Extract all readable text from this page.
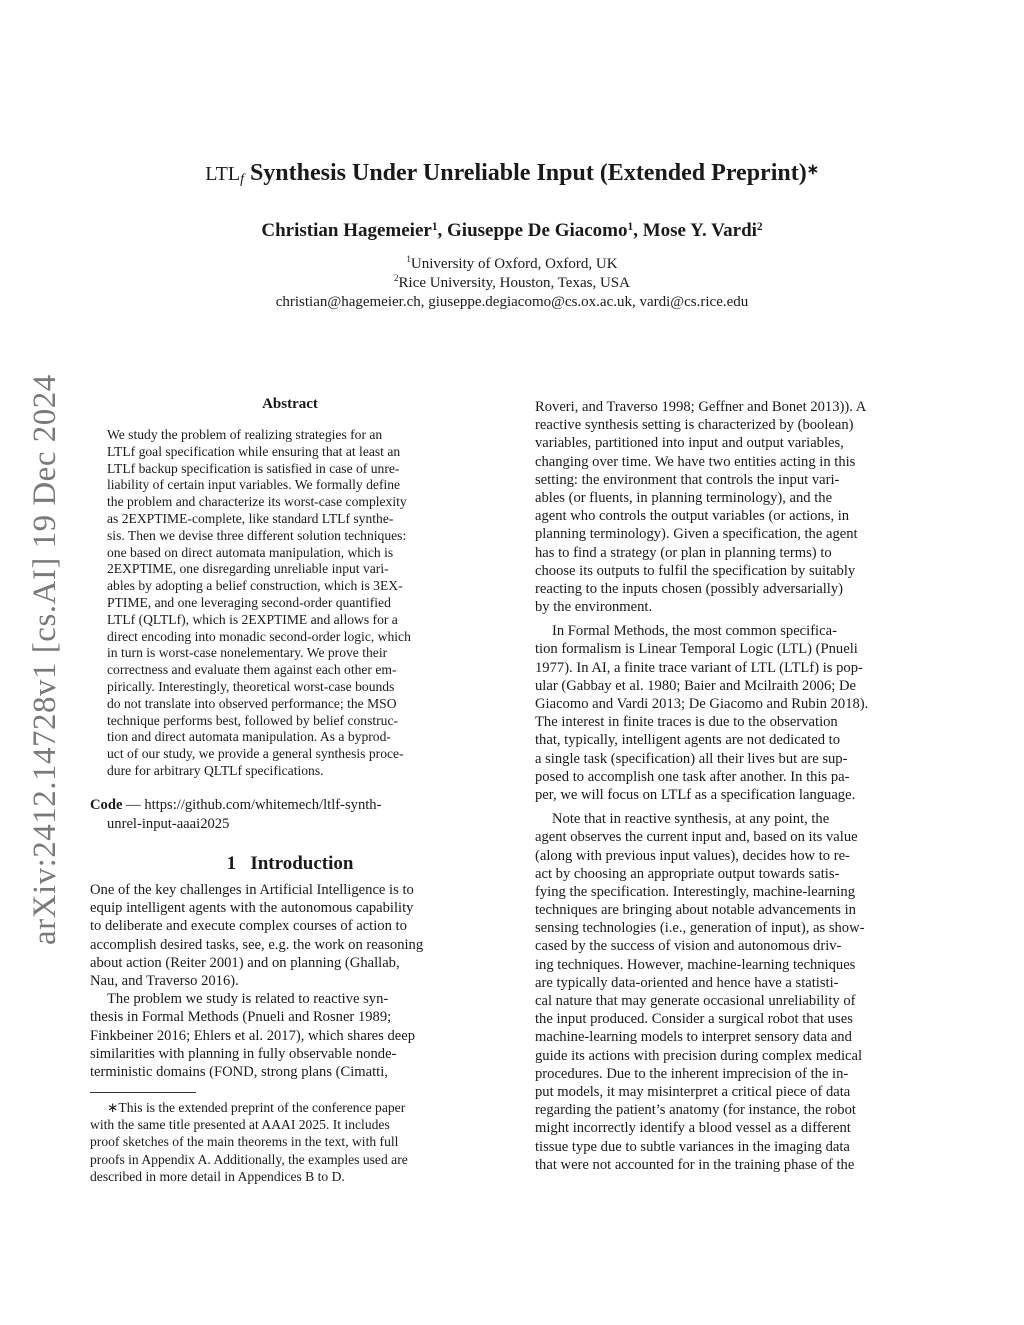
arXiv:2412.14728v1 [cs.AI] 19 Dec 2024
$LTL_f$ Synthesis Under Unreliable Input (Extended Preprint)∗
Christian Hagemeier$^1$, Giuseppe De Giacomo$^1$, Mose Y. Vardi$^2$
$^1$University of Oxford, Oxford, UK
$^2$Rice University, Houston, Texas, USA
christian@hagemeier.ch, giuseppe.degiacomo@cs.ox.ac.uk, vardi@cs.rice.edu
Abstract
We study the problem of realizing strategies for an
LTLf goal specification while ensuring that at least an
LTLf backup specification is satisfied in case of unre-
liability of certain input variables. We formally define
the problem and characterize its worst-case complexity
as 2EXPTIME-complete, like standard LTLf synthe-
sis. Then we devise three different solution techniques:
one based on direct automata manipulation, which is
2EXPTIME, one disregarding unreliable input vari-
ables by adopting a belief construction, which is 3EX-
PTIME, and one leveraging second-order quantified
LTLf (QLTLf), which is 2EXPTIME and allows for a
direct encoding into monadic second-order logic, which
in turn is worst-case nonelementary. We prove their
correctness and evaluate them against each other em-
pirically. Interestingly, theoretical worst-case bounds
do not translate into observed performance; the MSO
technique performs best, followed by belief construc-
tion and direct automata manipulation. As a byprod-
uct of our study, we provide a general synthesis proce-
dure for arbitrary QLTLf specifications.
Code — https://github.com/whitemech/ltlf-synth-
unrel-input-aaai2025
1 Introduction
One of the key challenges in Artificial Intelligence is to
equip intelligent agents with the autonomous capability
to deliberate and execute complex courses of action to
accomplish desired tasks, see, e.g. the work on reasoning
about action (Reiter 2001) and on planning (Ghallab,
Nau, and Traverso 2016).
The problem we study is related to reactive syn-
thesis in Formal Methods (Pnueli and Rosner 1989;
Finkbeiner 2016; Ehlers et al. 2017), which shares deep
similarities with planning in fully observable nonde-
terministic domains (FOND, strong plans (Cimatti,
∗This is the extended preprint of the conference paper
with the same title presented at AAAI 2025. It includes
proof sketches of the main theorems in the text, with full
proofs in Appendix A. Additionally, the examples used are
described in more detail in Appendices B to D.
Roveri, and Traverso 1998; Geffner and Bonet 2013)). A
reactive synthesis setting is characterized by (boolean)
variables, partitioned into input and output variables,
changing over time. We have two entities acting in this
setting: the environment that controls the input vari-
ables (or fluents, in planning terminology), and the
agent who controls the output variables (or actions, in
planning terminology). Given a specification, the agent
has to find a strategy (or plan in planning terms) to
choose its outputs to fulfil the specification by suitably
reacting to the inputs chosen (possibly adversarially)
by the environment.
In Formal Methods, the most common specifica-
tion formalism is Linear Temporal Logic (LTL) (Pnueli
1977). In AI, a finite trace variant of LTL (LTLf) is pop-
ular (Gabbay et al. 1980; Baier and Mcilraith 2006; De
Giacomo and Vardi 2013; De Giacomo and Rubin 2018).
The interest in finite traces is due to the observation
that, typically, intelligent agents are not dedicated to
a single task (specification) all their lives but are sup-
posed to accomplish one task after another. In this pa-
per, we will focus on LTLf as a specification language.
Note that in reactive synthesis, at any point, the
agent observes the current input and, based on its value
(along with previous input values), decides how to re-
act by choosing an appropriate output towards satis-
fying the specification. Interestingly, machine-learning
techniques are bringing about notable advancements in
sensing technologies (i.e., generation of input), as show-
cased by the success of vision and autonomous driv-
ing techniques. However, machine-learning techniques
are typically data-oriented and hence have a statisti-
cal nature that may generate occasional unreliability of
the input produced. Consider a surgical robot that uses
machine-learning models to interpret sensory data and
guide its actions with precision during complex medical
procedures. Due to the inherent imprecision of the in-
put models, it may misinterpret a critical piece of data
regarding the patient’s anatomy (for instance, the robot
might incorrectly identify a blood vessel as a different
tissue type due to subtle variances in the imaging data
that were not accounted for in the training phase of the
